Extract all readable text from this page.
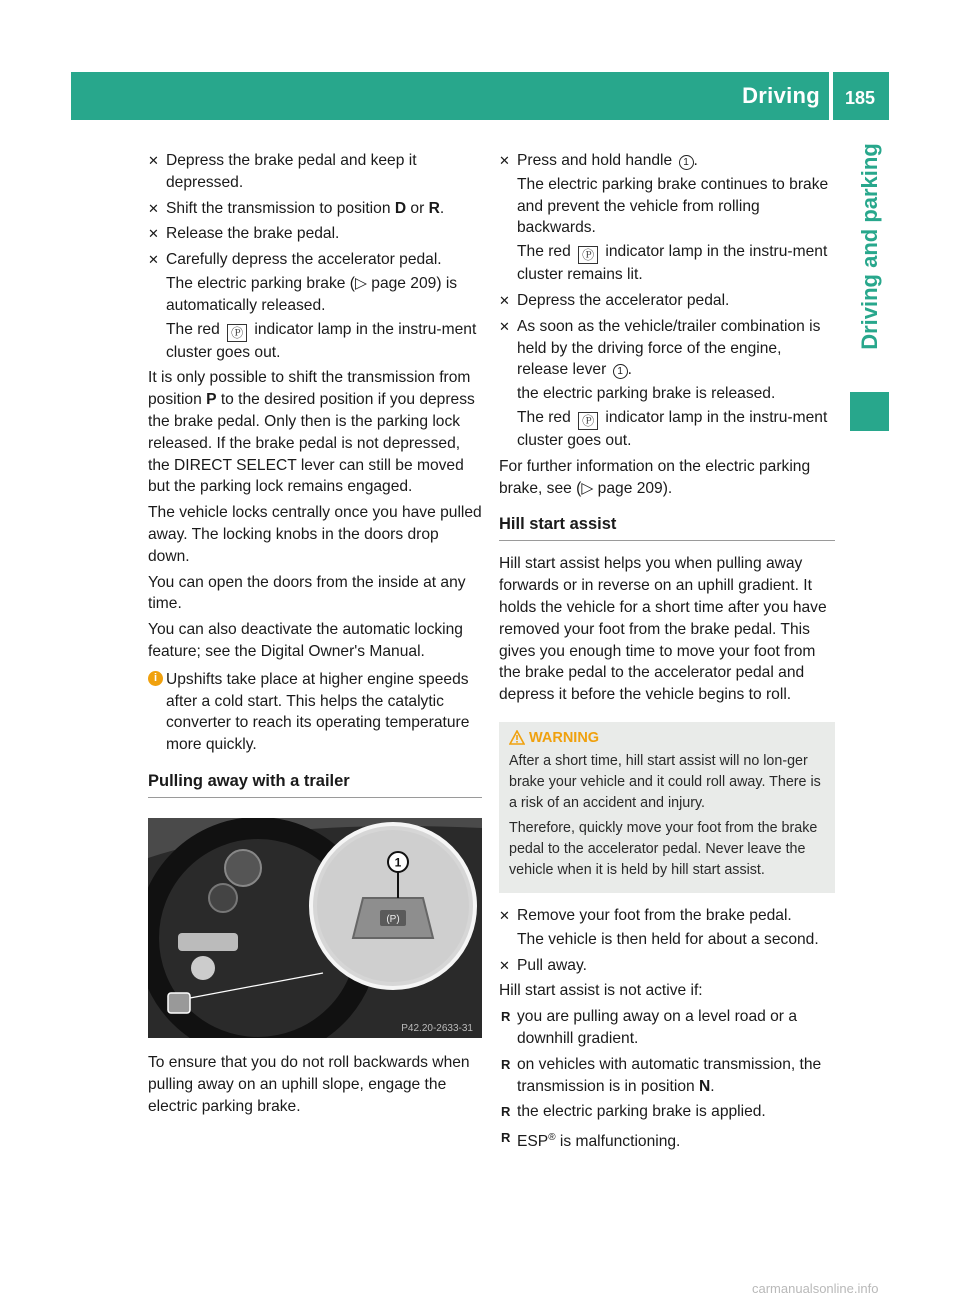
Driving 185
Driving and parking
✕ Depress the brake pedal and keep it depressed.
✕ Shift the transmission to position D or R.
✕ Release the brake pedal.
✕ Carefully depress the accelerator pedal.
The electric parking brake (▷ page 209) is automatically released.
The red Ⓟ indicator lamp in the instru-ment cluster goes out.
It is only possible to shift the transmission from position P to the desired position if you depress the brake pedal. Only then is the parking lock released. If the brake pedal is not depressed, the DIRECT SELECT lever can still be moved but the parking lock remains engaged.
The vehicle locks centrally once you have pulled away. The locking knobs in the doors drop down.
You can open the doors from the inside at any time.
You can also deactivate the automatic locking feature; see the Digital Owner's Manual.
i Upshifts take place at higher engine speeds after a cold start. This helps the catalytic converter to reach its operating temperature more quickly.
Pulling away with a trailer
(P)
1
P42.20-2633-31
To ensure that you do not roll backwards when pulling away on an uphill slope, engage the electric parking brake.
✕ Press and hold handle 1 .
The electric parking brake continues to brake and prevent the vehicle from rolling backwards.
The red Ⓟ indicator lamp in the instru-ment cluster remains lit.
✕ Depress the accelerator pedal.
✕ As soon as the vehicle/trailer combination is held by the driving force of the engine, release lever 1 .
the electric parking brake is released.
The red Ⓟ indicator lamp in the instru-ment cluster goes out.
For further information on the electric parking brake, see (▷ page 209).
Hill start assist
Hill start assist helps you when pulling away forwards or in reverse on an uphill gradient. It holds the vehicle for a short time after you have removed your foot from the brake pedal. This gives you enough time to move your foot from the brake pedal to the accelerator pedal and depress it before the vehicle begins to roll.
WARNING

After a short time, hill start assist will no lon-ger brake your vehicle and it could roll away. There is a risk of an accident and injury.

Therefore, quickly move your foot from the brake pedal to the accelerator pedal. Never leave the vehicle when it is held by hill start assist.

✕ Remove your foot from the brake pedal.
The vehicle is then held for about a second.
✕ Pull away.
Hill start assist is not active if:
R you are pulling away on a level road or a downhill gradient.
R on vehicles with automatic transmission, the transmission is in position N.
R the electric parking brake is applied.
R ESP® is malfunctioning.
carmanualsonline.info
